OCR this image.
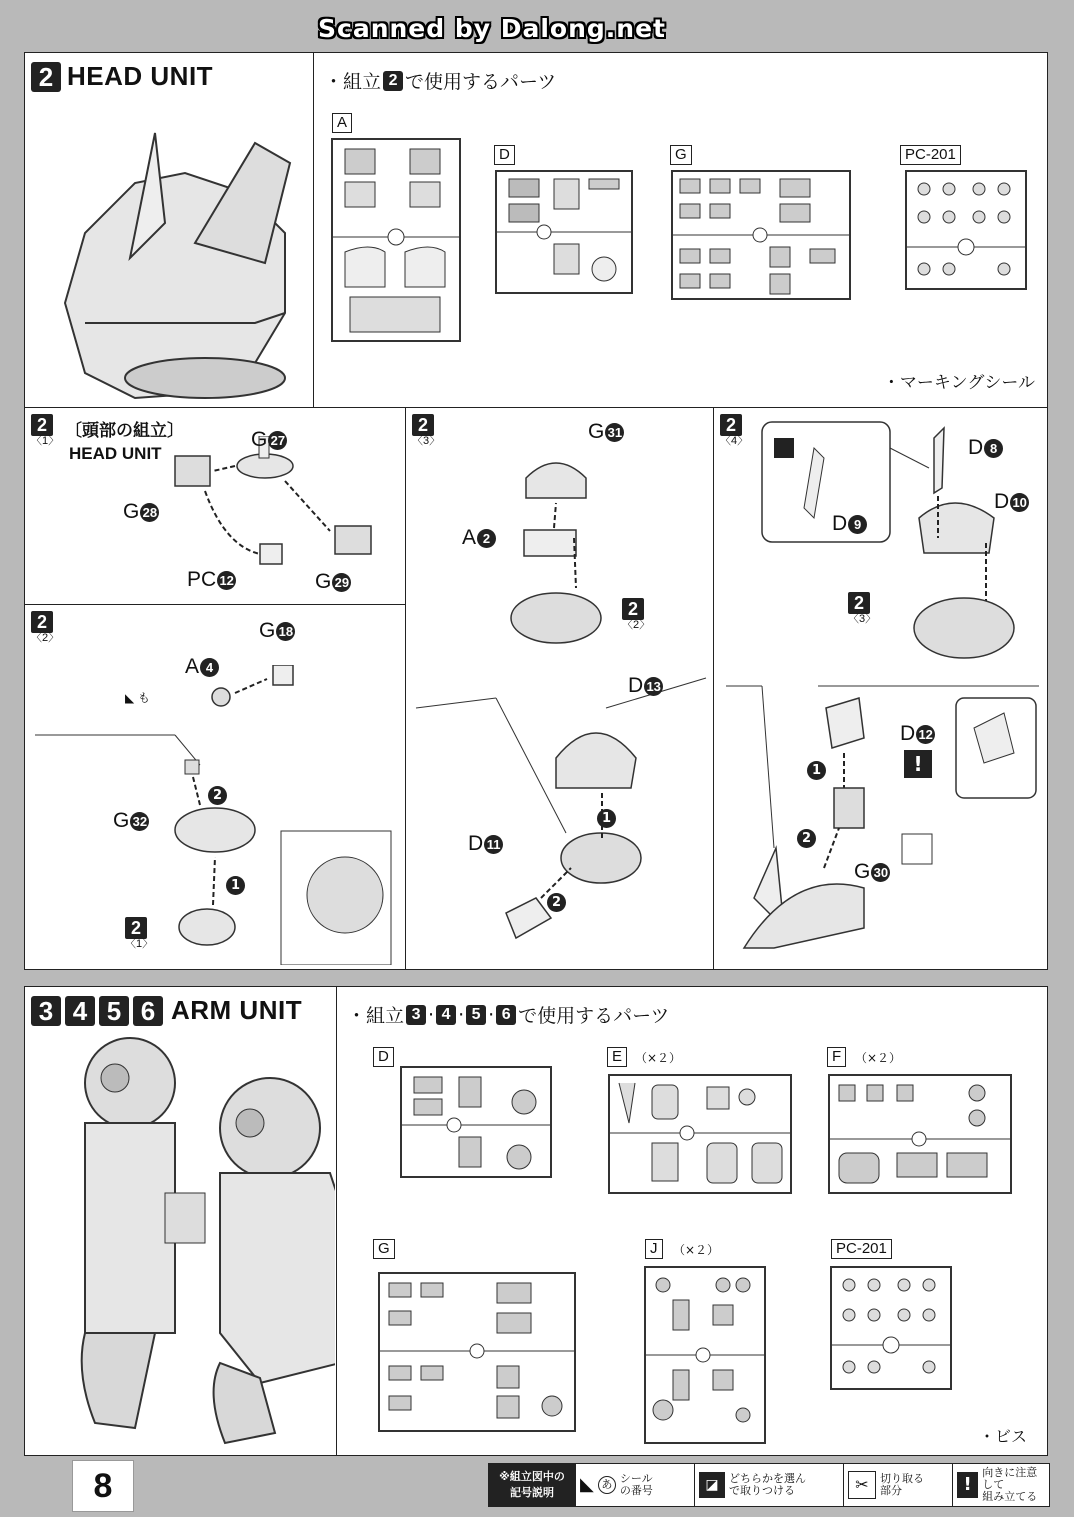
Scanned by Dalong.net
2 HEAD UNIT	・組立 2 で使用するパーツ
A
D	G	PC-201
・マーキングシール
2
〈1〉 〔頭部の組立〕
HEAD UNIT
G 27
G 28
PC 12	G 29
2
〈2〉	G 18
A 4
◣ も
2
1
G 32
2
〈1〉
2
〈3〉	G 31
A 2
2
〈2〉
D 13
1
D 11
2
2
〈4〉	D 8
D 10
D 9
2
〈3〉
D 12
!
1
2
G 30
3 4 5 6 ARM UNIT ・組立 3 · 4 · 5 · 6 で使用するパーツ
D	E	（×２）	F	（×２）
G	J	（×２）	PC-201
・ビス
8	※組立図中の
記号説明 ◣ あ シール
の番号	◪ どちらかを選ん
で取りつける	✂	切り取る
部分	!
向きに注意して
組み立てる
